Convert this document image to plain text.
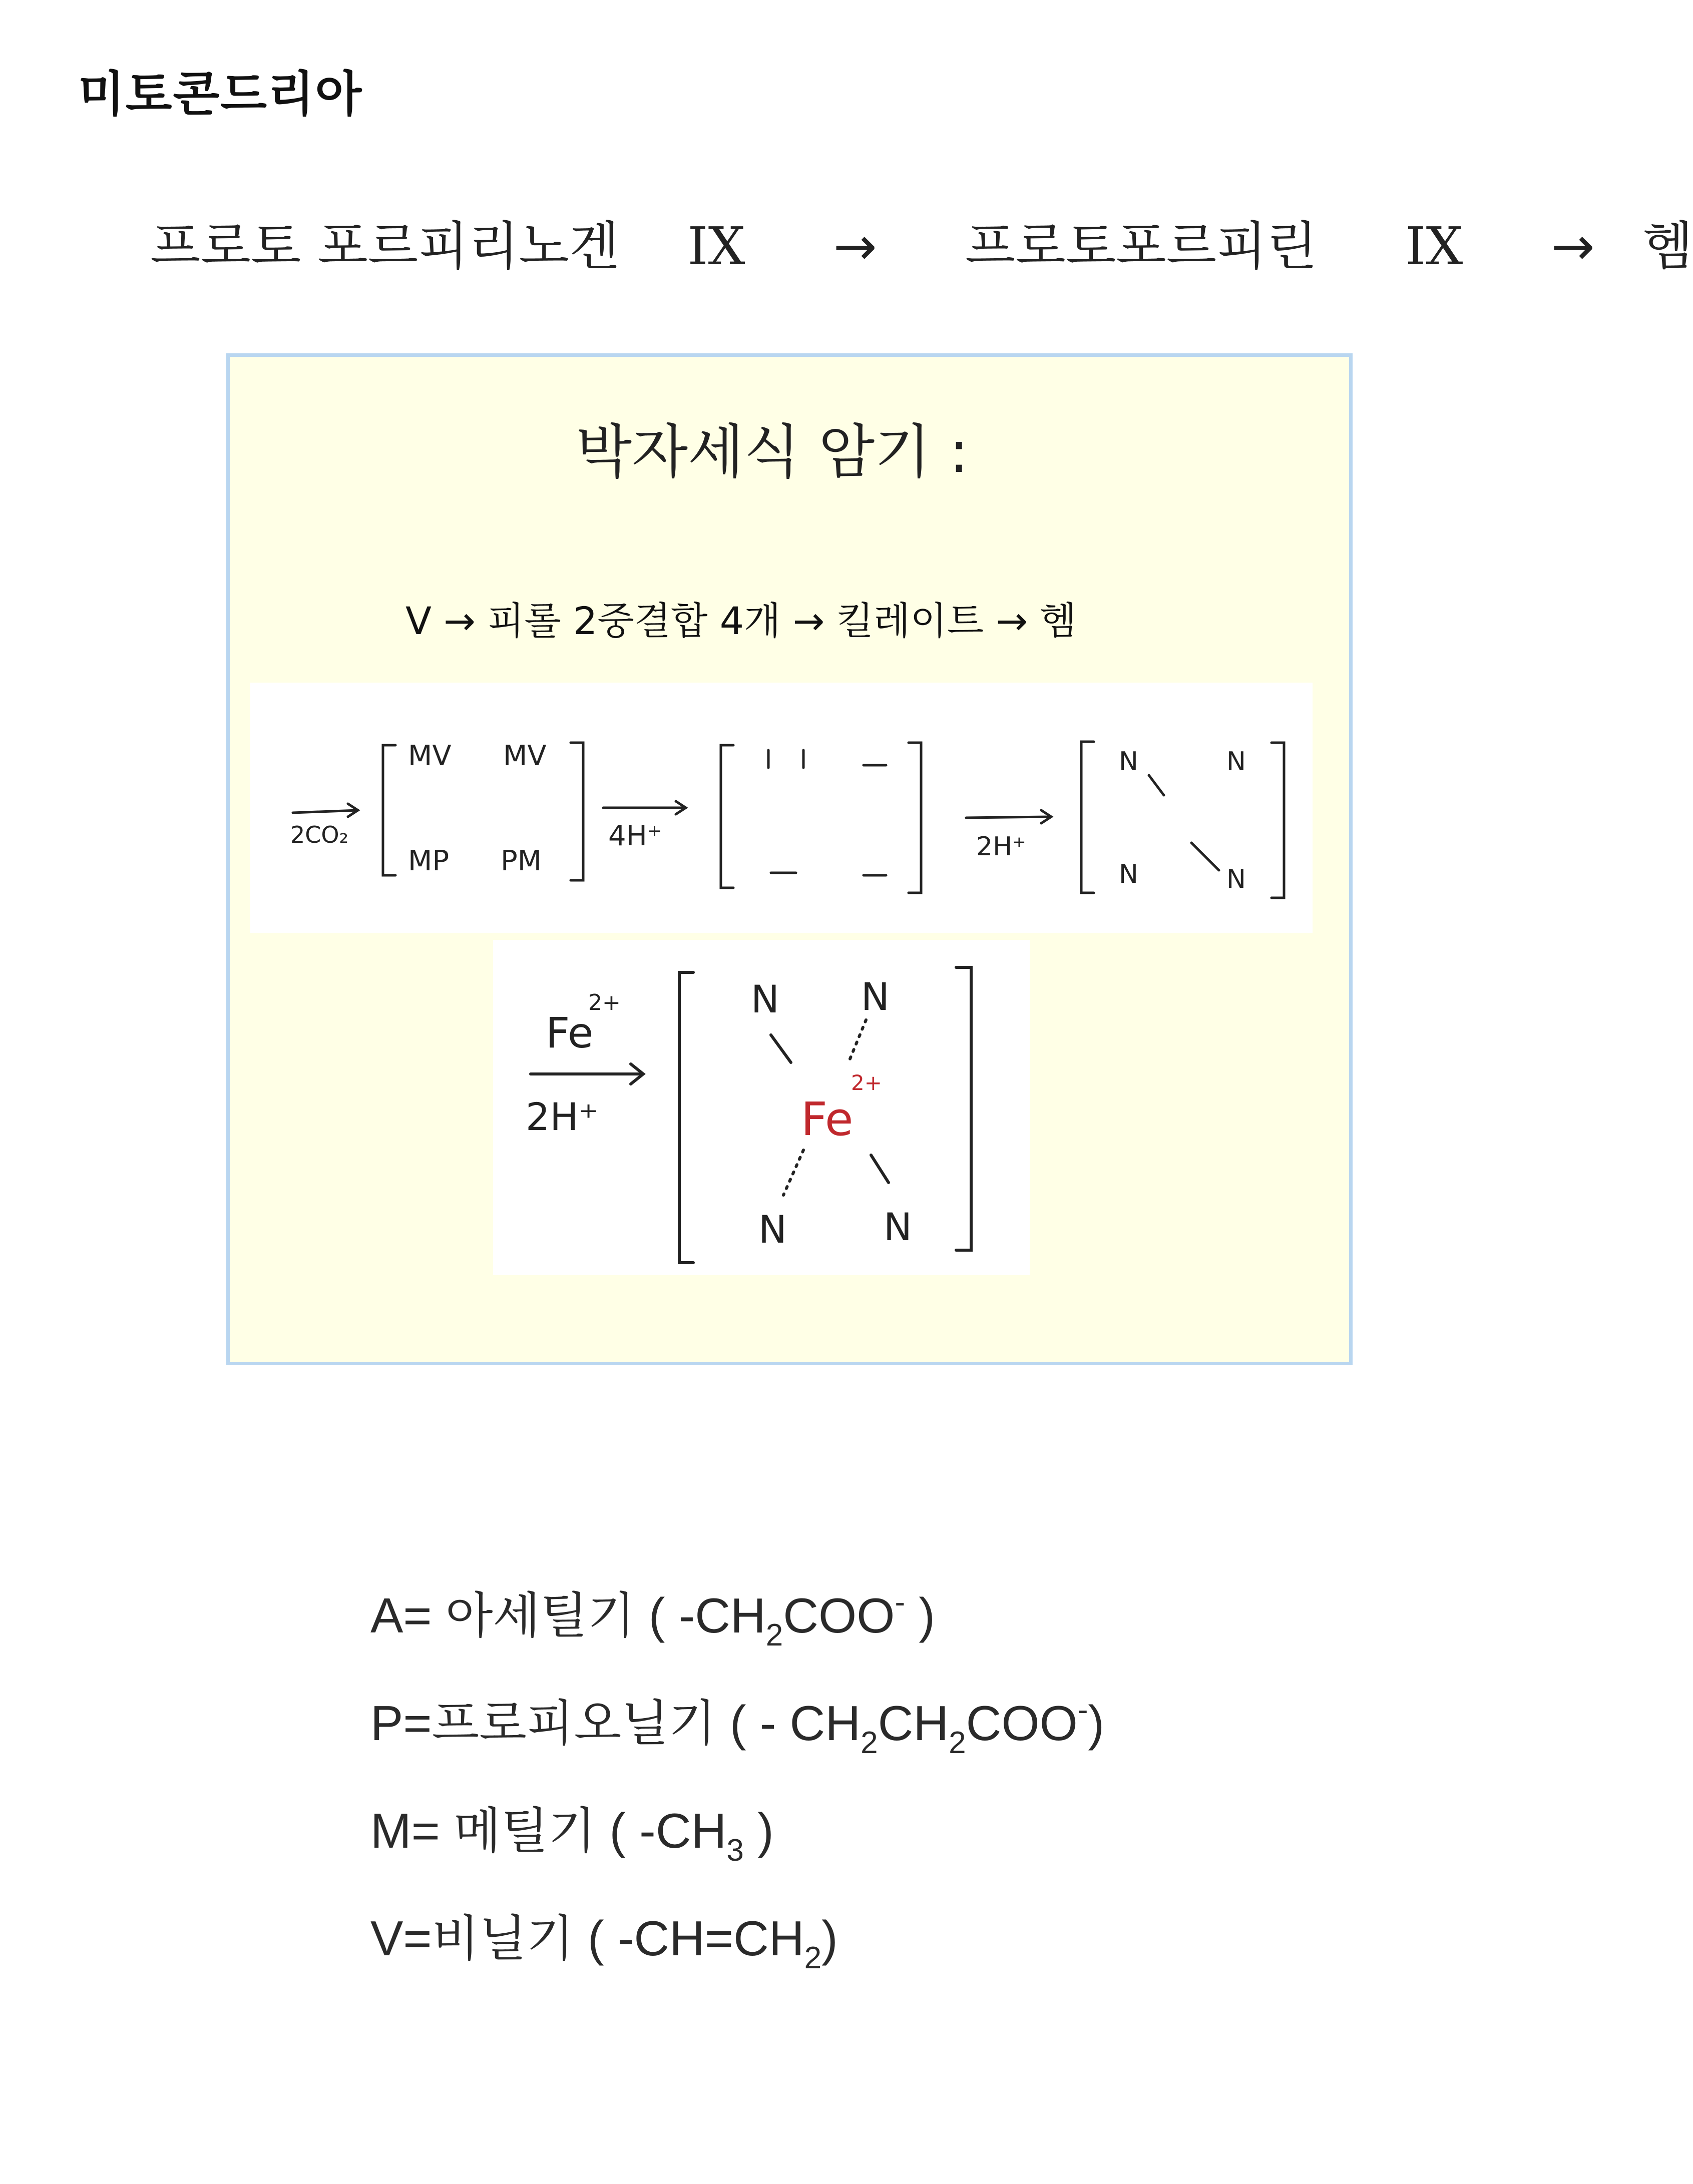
미토콘드리아
프로토 포르피리노겐 IX → 프로토포르피린 IX → 헴
박자세식 암기 :
V → 피롤 2중결합 4개 → 킬레이트 → 헴
2CO₂
MV MV
MP PM
4H⁺	2H⁺
N	N
N	N
Fe
2+
2H⁺
N N
N	N
Fe
2+
A= 아세틸기 ( $-CH_2COO^-$ )
P=프로피오닐기 ( - $CH_2CH_2COO^-$)
M= 메틸기 ( $-CH_3$ )
V=비닐기 ( $-CH=CH_2$)
